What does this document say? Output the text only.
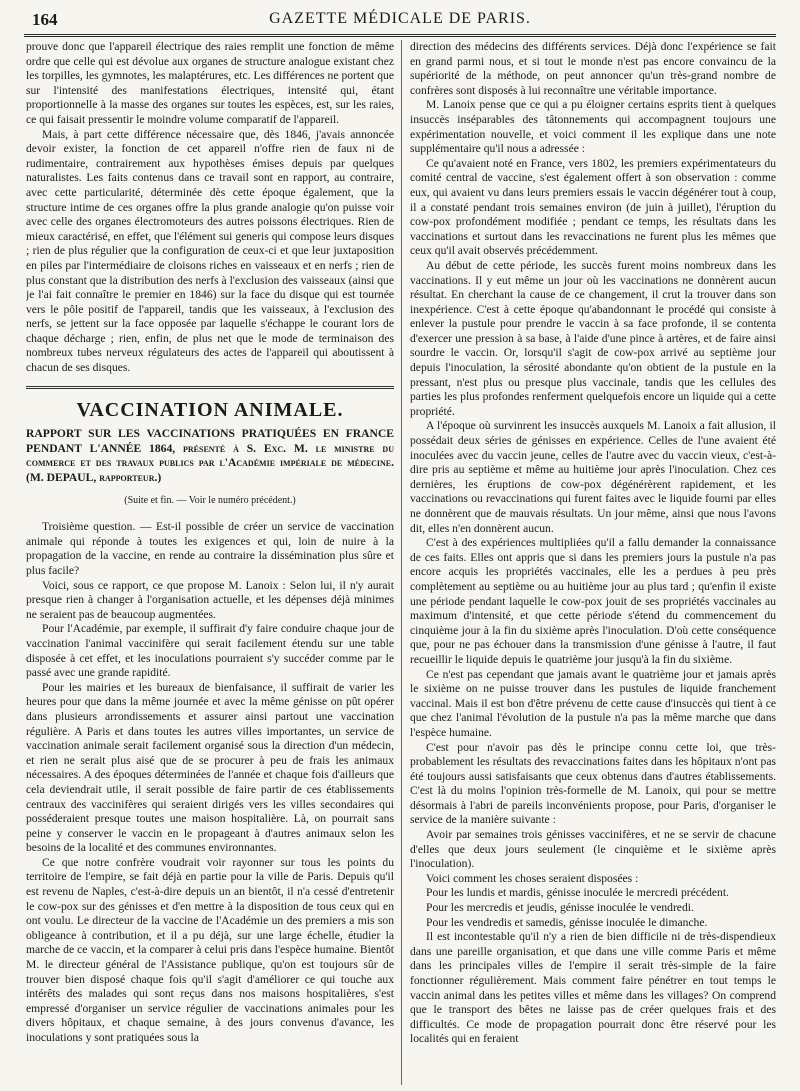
164	GAZETTE MÉDICALE DE PARIS.

prouve donc que l'appareil électrique des raies remplit une fonction de même ordre que celle qui est dévolue aux organes de structure analogue existant chez les torpilles, les gymnotes, les malaptérures, etc. Les différences ne portent que sur l'intensité des manifestations électriques, intensité qui, étant proportionnelle à la masse des organes sur toutes les espèces, est, sur les raies, ce qui faisait pressentir le moindre volume comparatif de l'appareil.

Mais, à part cette différence nécessaire que, dès 1846, j'avais annoncée devoir exister, la fonction de cet appareil n'offre rien de faux ni de rudimentaire, contrairement aux hypothèses émises depuis par quelques naturalistes. Les faits contenus dans ce travail sont en rapport, au contraire, avec cette particularité, déterminée dès cette époque également, que la structure intime de ces organes offre la plus grande analogie qu'on puisse voir avec celle des organes électromoteurs des autres poissons électriques. Rien de mieux caractérisé, en effet, que l'élément sui generis qui compose leurs disques ; rien de plus régulier que la configuration de ceux-ci et que leur juxtaposition en piles par l'intermédiaire de cloisons riches en vaisseaux et en nerfs ; rien de plus constant que la distribution des nerfs à l'exclusion des vaisseaux (ainsi que je l'ai fait connaître le premier en 1846) sur la face du disque qui est tournée vers le pôle positif de l'appareil, tandis que les vaisseaux, à l'exclusion des nerfs, se jettent sur la face opposée par laquelle s'échappe le courant lors de chaque décharge ; rien, enfin, de plus net que le mode de terminaison des nombreux tubes nerveux régulateurs des actes de l'appareil qui aboutissent à chacun de ses disques.

VACCINATION ANIMALE.

RAPPORT SUR LES VACCINATIONS PRATIQUÉES EN FRANCE PENDANT L'ANNÉE 1864, présenté à S. Exc. M. le ministre du commerce et des travaux publics par l'Académie impériale de médecine. (M. DEPAUL, rapporteur.)

(Suite et fin. — Voir le numéro précédent.)

Troisième question. — Est-il possible de créer un service de vaccination animale qui réponde à toutes les exigences et qui, loin de nuire à la propagation de la vaccine, en rende au contraire la dissémination plus sûre et plus facile?

Voici, sous ce rapport, ce que propose M. Lanoix : Selon lui, il n'y aurait presque rien à changer à l'organisation actuelle, et les dépenses déjà minimes ne seraient pas de beaucoup augmentées.

Pour l'Académie, par exemple, il suffirait d'y faire conduire chaque jour de vaccination l'animal vaccinifère qui serait facilement étendu sur une table disposée à cet effet, et les inoculations pourraient s'y succéder comme par le passé avec une grande rapidité.

Pour les mairies et les bureaux de bienfaisance, il suffirait de varier les heures pour que dans la même journée et avec la même génisse on pût opérer dans plusieurs arrondissements et assurer ainsi partout une vaccination régulière. A Paris et dans toutes les autres villes importantes, un service de vaccination animale serait facilement organisé sous la direction d'un médecin, et rien ne serait plus aisé que de se procurer à peu de frais les animaux nécessaires. A des époques déterminées de l'année et chaque fois d'ailleurs que cela deviendrait utile, il serait possible de faire partir de ces établissements centraux des vaccinifères qui seraient dirigés vers les villes secondaires qui posséderaient presque toutes une maison hospitalière. Là, on pourrait sans peine y conserver le vaccin en le propageant à d'autres animaux selon les besoins de la localité et des communes environnantes.

Ce que notre confrère voudrait voir rayonner sur tous les points du territoire de l'empire, se fait déjà en partie pour la ville de Paris. Depuis qu'il est revenu de Naples, c'est-à-dire depuis un an bientôt, il n'a cessé d'entretenir le cow-pox sur des génisses et d'en mettre à la disposition de tous ceux qui en ont voulu. Le directeur de la vaccine de l'Académie un des premiers a mis son obligeance à contribution, et il a pu déjà, sur une large échelle, étudier la marche de ce vaccin, et la comparer à celui pris dans l'espèce humaine. Bientôt M. le directeur général de l'Assistance publique, qu'on est toujours sûr de trouver bien disposé chaque fois qu'il s'agit d'améliorer ce qui touche aux intérêts des malades qui sont reçus dans nos maisons hospitalières, s'est empressé d'organiser un service régulier de vaccinations animales pour les divers hôpitaux, et chaque semaine, à des jours convenus d'avance, les inoculations y sont pratiquées sous la

direction des médecins des différents services. Déjà donc l'expérience se fait en grand parmi nous, et si tout le monde n'est pas encore convaincu de la supériorité de la méthode, on peut annoncer qu'un très-grand nombre de confrères sont disposés à lui reconnaître une véritable importance.

M. Lanoix pense que ce qui a pu éloigner certains esprits tient à quelques insuccès inséparables des tâtonnements qui accompagnent toujours une expérimentation nouvelle, et voici comment il les explique dans une note supplémentaire qu'il nous a adressée :

Ce qu'avaient noté en France, vers 1802, les premiers expérimentateurs du comité central de vaccine, s'est également offert à son observation : comme eux, qui avaient vu dans leurs premiers essais le vaccin dégénérer tout à coup, il a constaté pendant trois semaines environ (de juin à juillet), l'éruption du cow-pox profondément modifiée ; pendant ce temps, les résultats dans les vaccinations et surtout dans les revaccinations ne furent plus les mêmes que ceux qu'il avait observés précédemment.

Au début de cette période, les succès furent moins nombreux dans les vaccinations. Il y eut même un jour où les vaccinations ne donnèrent aucun résultat. En cherchant la cause de ce changement, il crut la trouver dans son inexpérience. C'est à cette époque qu'abandonnant le procédé qui consiste à enlever la pustule pour prendre le vaccin à sa face profonde, il se contenta d'exercer une pression à sa base, à l'aide d'une pince à artères, et de faire ainsi sourdre le vaccin. Or, lorsqu'il s'agit de cow-pox arrivé au septième jour depuis l'inoculation, la sérosité abondante qu'on obtient de la pustule en la pressant, n'est plus ou presque plus vaccinale, tandis que les cellules des parties les plus profondes renferment quelquefois encore un liquide qui a cette propriété.

A l'époque où survinrent les insuccès auxquels M. Lanoix a fait allusion, il possédait deux séries de génisses en expérience. Celles de l'une avaient été inoculées avec du vaccin jeune, celles de l'autre avec du vaccin vieux, c'est-à-dire pris au septième et même au huitième jour après l'inoculation. Chez ces dernières, les éruptions de cow-pox dégénérèrent rapidement, et les vaccinations ou revaccinations qui furent faites avec le liquide fourni par elles ne donnèrent que de mauvais résultats. Un jour même, ainsi que nous l'avons dit, elles n'en donnèrent aucun.

C'est à des expériences multipliées qu'il a fallu demander la connaissance de ces faits. Elles ont appris que si dans les premiers jours la pustule n'a pas encore acquis les propriétés vaccinales, elle les a perdues à peu près complètement au septième ou au huitième jour au plus tard ; qu'enfin il existe une période pendant laquelle le cow-pox jouit de ses propriétés vaccinales au maximum d'intensité, et que cette période s'étend du commencement du cinquième jour à la fin du sixième après l'inoculation. D'où cette conséquence que, pour ne pas échouer dans la transmission d'une génisse à l'autre, il faut recueillir le liquide depuis le quatrième jour jusqu'à la fin du sixième.

Ce n'est pas cependant que jamais avant le quatrième jour et jamais après le sixième on ne puisse trouver dans les pustules de liquide franchement vaccinal. Mais il est bon d'être prévenu de cette cause d'insuccès qui tient à ce que chez l'animal l'évolution de la pustule n'a pas la même marche que dans l'espèce humaine.

C'est pour n'avoir pas dès le principe connu cette loi, que très-probablement les résultats des revaccinations faites dans les hôpitaux n'ont pas été toujours aussi satisfaisants que ceux obtenus dans d'autres établissements. C'est là du moins l'opinion très-formelle de M. Lanoix, qui pour se mettre désormais à l'abri de pareils inconvénients propose, pour Paris, d'organiser le service de la manière suivante :

Avoir par semaines trois génisses vaccinifères, et ne se servir de chacune d'elles que deux jours seulement (le cinquième et le sixième après l'inoculation).

Voici comment les choses seraient disposées :

Pour les lundis et mardis, génisse inoculée le mercredi précédent.

Pour les mercredis et jeudis, génisse inoculée le vendredi.

Pour les vendredis et samedis, génisse inoculée le dimanche.

Il est incontestable qu'il n'y a rien de bien difficile ni de très-dispendieux dans une pareille organisation, et que dans une ville comme Paris et même dans les principales villes de l'empire il serait très-simple de la faire fonctionner régulièrement. Mais comment faire pénétrer en tout temps le vaccin animal dans les petites villes et même dans les villages? On comprend que le transport des bêtes ne laisse pas de créer quelques frais et des difficultés. Ce mode de propagation pourrait donc être réservé pour les localités qui en feraient
